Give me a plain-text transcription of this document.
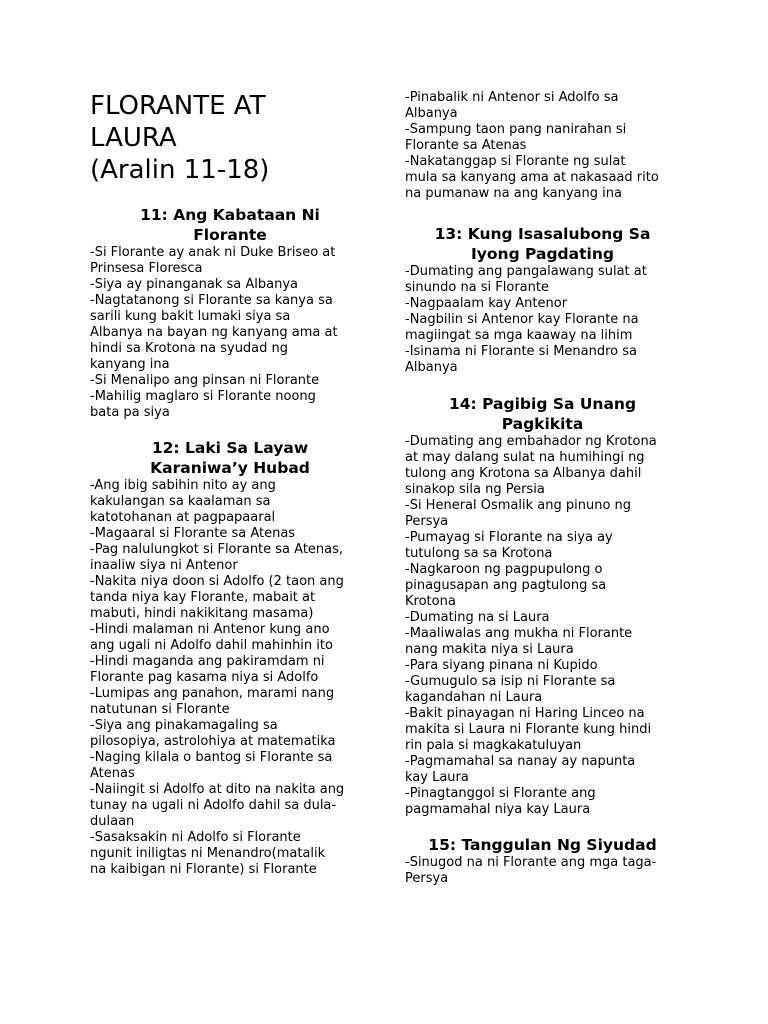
FLORANTE AT
LAURA
(Aralin 11-18)
11: Ang Kabataan Ni
Florante

-Si Florante ay anak ni Duke Briseo at

Prinsesa Floresca

-Siya ay pinanganak sa Albanya

-Nagtatanong si Florante sa kanya sa

sarili kung bakit lumaki siya sa

Albanya na bayan ng kanyang ama at

hindi sa Krotona na syudad ng

kanyang ina

-Si Menalipo ang pinsan ni Florante

-Mahilig maglaro si Florante noong

bata pa siya

12: Laki Sa Layaw
Karaniwa’y Hubad

-Ang ibig sabihin nito ay ang

kakulangan sa kaalaman sa

katotohanan at pagpapaaral

-Magaaral si Florante sa Atenas

-Pag nalulungkot si Florante sa Atenas,

inaaliw siya ni Antenor

-Nakita niya doon si Adolfo (2 taon ang

tanda niya kay Florante, mabait at

mabuti, hindi nakikitang masama)

-Hindi malaman ni Antenor kung ano

ang ugali ni Adolfo dahil mahinhin ito

-Hindi maganda ang pakiramdam ni

Florante pag kasama niya si Adolfo

-Lumipas ang panahon, marami nang

natutunan si Florante

-Siya ang pinakamagaling sa

pilosopiya, astrolohiya at matematika

-Naging kilala o bantog si Florante sa

Atenas

-Naiingit si Adolfo at dito na nakita ang

tunay na ugali ni Adolfo dahil sa dula-

dulaan

-Sasaksakin ni Adolfo si Florante

ngunit iniligtas ni Menandro(matalik

na kaibigan ni Florante) si Florante

-Pinabalik ni Antenor si Adolfo sa

Albanya

-Sampung taon pang nanirahan si

Florante sa Atenas

-Nakatanggap si Florante ng sulat

mula sa kanyang ama at nakasaad rito

na pumanaw na ang kanyang ina

13: Kung Isasalubong Sa
Iyong Pagdating

-Dumating ang pangalawang sulat at

sinundo na si Florante

-Nagpaalam kay Antenor

-Nagbilin si Antenor kay Florante na

magiingat sa mga kaaway na lihim

-Isinama ni Florante si Menandro sa

Albanya

14: Pagibig Sa Unang
Pagkikita

-Dumating ang embahador ng Krotona

at may dalang sulat na humihingi ng

tulong ang Krotona sa Albanya dahil

sinakop sila ng Persia

-Si Heneral Osmalik ang pinuno ng

Persya

-Pumayag si Florante na siya ay

tutulong sa sa Krotona

-Nagkaroon ng pagpupulong o

pinagusapan ang pagtulong sa

Krotona

-Dumating na si Laura

-Maaliwalas ang mukha ni Florante

nang makita niya si Laura

-Para siyang pinana ni Kupido

-Gumugulo sa isip ni Florante sa

kagandahan ni Laura

-Bakit pinayagan ni Haring Linceo na

makita si Laura ni Florante kung hindi

rin pala si magkakatuluyan

-Pagmamahal sa nanay ay napunta

kay Laura

-Pinagtanggol si Florante ang

pagmamahal niya kay Laura

15: Tanggulan Ng Siyudad

-Sinugod na ni Florante ang mga taga-

Persya
